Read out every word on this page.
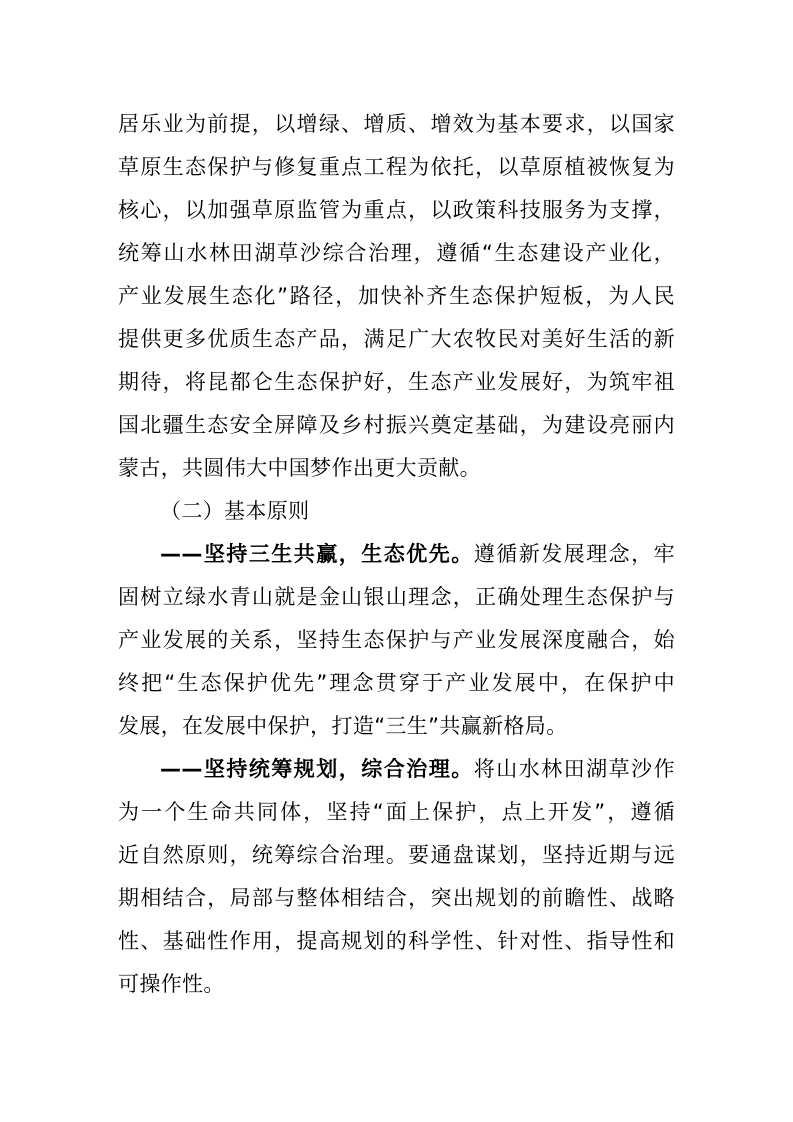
居乐业为前提，以增绿、增质、增效为基本要求，以国家
草原生态保护与修复重点工程为依托，以草原植被恢复为
核心，以加强草原监管为重点，以政策科技服务为支撑，
统筹山水林田湖草沙综合治理，遵循“生态建设产业化，
产业发展生态化”路径，加快补齐生态保护短板，为人民
提供更多优质生态产品，满足广大农牧民对美好生活的新
期待，将昆都仑生态保护好，生态产业发展好，为筑牢祖
国北疆生态安全屏障及乡村振兴奠定基础，为建设亮丽内
蒙古，共圆伟大中国梦作出更大贡献。
（二）基本原则
——坚持三生共赢，生态优先。遵循新发展理念，牢
固树立绿水青山就是金山银山理念，正确处理生态保护与
产业发展的关系，坚持生态保护与产业发展深度融合，始
终把“生态保护优先”理念贯穿于产业发展中，在保护中
发展，在发展中保护，打造“三生”共赢新格局。
——坚持统筹规划，综合治理。将山水林田湖草沙作
为一个生命共同体，坚持“面上保护，点上开发”，遵循
近自然原则，统筹综合治理。要通盘谋划，坚持近期与远
期相结合，局部与整体相结合，突出规划的前瞻性、战略
性、基础性作用，提高规划的科学性、针对性、指导性和
可操作性。
